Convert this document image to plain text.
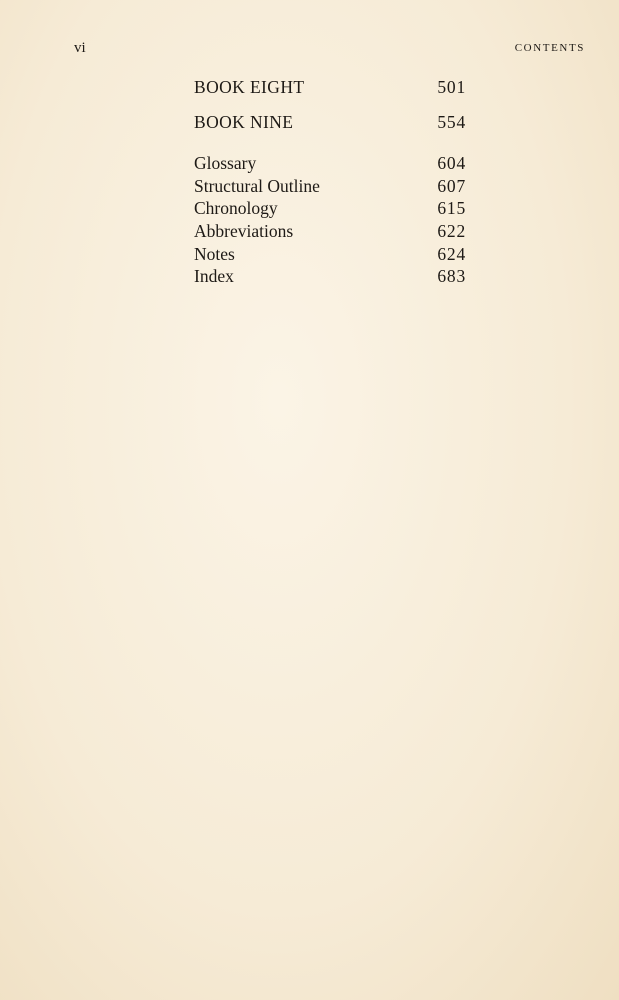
vi	CONTENTS
BOOK EIGHT	501
BOOK NINE	554
Glossary	604
Structural Outline	607
Chronology	615
Abbreviations	622
Notes	624
Index	683
